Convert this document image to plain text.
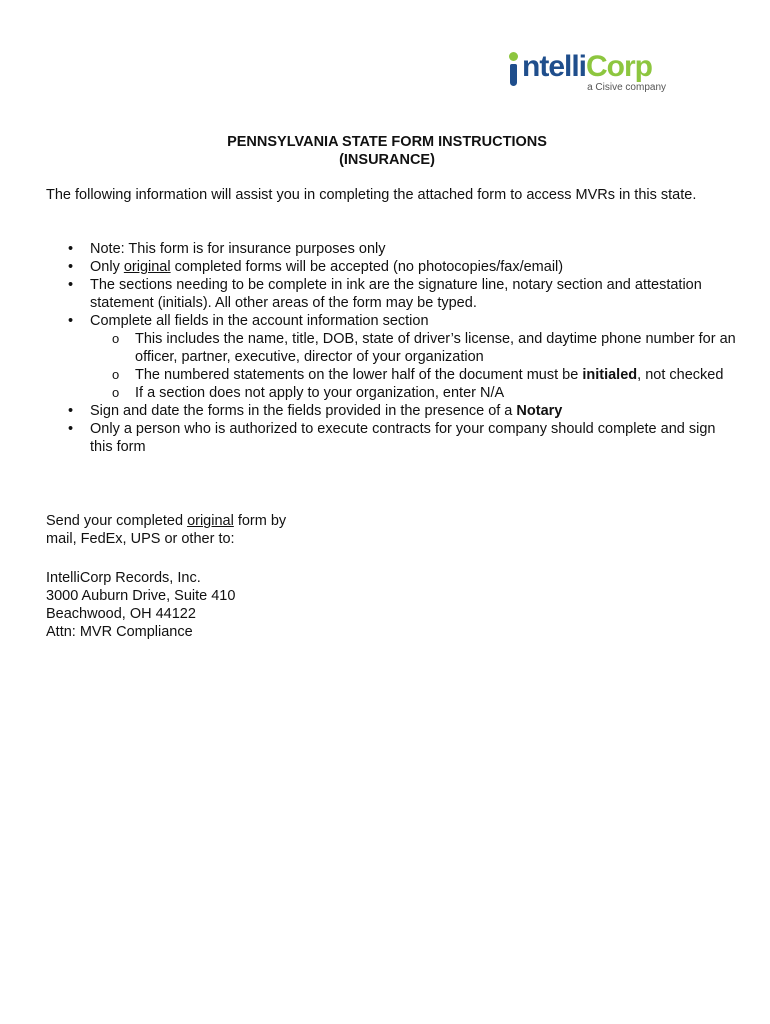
ntelliCorp
a Cisive company
PENNSYLVANIA STATE FORM INSTRUCTIONS
(INSURANCE)
The following information will assist you in completing the attached form to access MVRs in this state.
• Note: This form is for insurance purposes only
• Only original completed forms will be accepted (no photocopies/fax/email)
• The sections needing to be complete in ink are the signature line, notary section and attestation statement (initials). All other areas of the form may be typed.
• Complete all fields in the account information section
o This includes the name, title, DOB, state of driver’s license, and daytime phone number for an officer, partner, executive, director of your organization
o The numbered statements on the lower half of the document must be initialed, not checked
o If a section does not apply to your organization, enter N/A
• Sign and date the forms in the fields provided in the presence of a Notary
• Only a person who is authorized to execute contracts for your company should complete and sign this form
Send your completed original form by
mail, FedEx, UPS or other to:
IntelliCorp Records, Inc.
3000 Auburn Drive, Suite 410
Beachwood, OH 44122
Attn: MVR Compliance
